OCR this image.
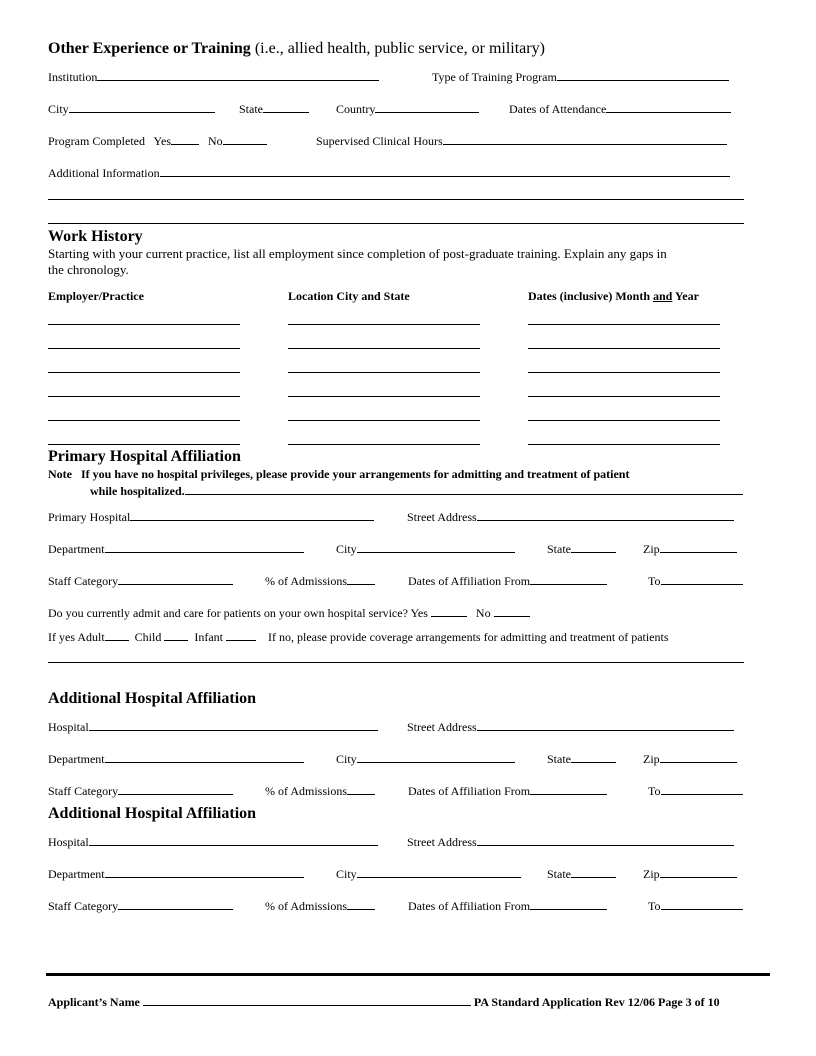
Other Experience or Training (i.e., allied health, public service, or military)
Institution	Type of Training Program
City	State	Country	Dates of Attendance
Program Completed Yes	No	Supervised Clinical Hours
Additional Information
Work History
Starting with your current practice, list all employment since completion of post-graduate training. Explain any gaps in
the chronology.
Employer/Practice	Location City and State	Dates (inclusive) Month and Year
Primary Hospital Affiliation
Note If you have no hospital privileges, please provide your arrangements for admitting and treatment of patient
while hospitalized.
Primary Hospital	Street Address
Department	City	State	Zip
Staff Category	% of Admissions	Dates of Affiliation From	To
Do you currently admit and care for patients on your own hospital service? Yes	No
If yes Adult	Child	Infant	If no, please provide coverage arrangements for admitting and treatment of patients
Additional Hospital Affiliation
Hospital	Street Address
Department	City	State	Zip
Staff Category	% of Admissions	Dates of Affiliation From	To
Additional Hospital Affiliation
Hospital	Street Address
Department	City	State	Zip
Staff Category	% of Admissions	Dates of Affiliation From	To
Applicant’s Name	PA Standard Application Rev 12/06 Page 3 of 10
